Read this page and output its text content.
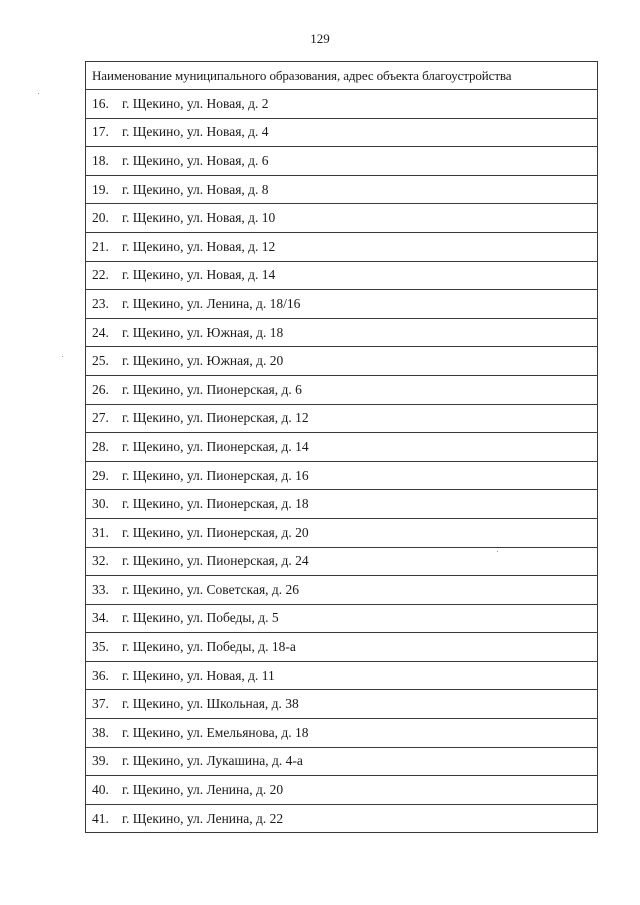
129
Наименование муниципального образования, адрес объекта благоустройства
16. г. Щекино, ул. Новая, д. 2
17. г. Щекино, ул. Новая, д. 4
18. г. Щекино, ул. Новая, д. 6
19. г. Щекино, ул. Новая, д. 8
20. г. Щекино, ул. Новая, д. 10
21. г. Щекино, ул. Новая, д. 12
22. г. Щекино, ул. Новая, д. 14
23. г. Щекино, ул. Ленина, д. 18/16
24. г. Щекино, ул. Южная, д. 18
25. г. Щекино, ул. Южная, д. 20
26. г. Щекино, ул. Пионерская, д. 6
27. г. Щекино, ул. Пионерская, д. 12
28. г. Щекино, ул. Пионерская, д. 14
29. г. Щекино, ул. Пионерская, д. 16
30. г. Щекино, ул. Пионерская, д. 18
31. г. Щекино, ул. Пионерская, д. 20
32. г. Щекино, ул. Пионерская, д. 24
33. г. Щекино, ул. Советская, д. 26
34. г. Щекино, ул. Победы, д. 5
35. г. Щекино, ул. Победы, д. 18-а
36. г. Щекино, ул. Новая, д. 11
37. г. Щекино, ул. Школьная, д. 38
38. г. Щекино, ул. Емельянова, д. 18
39. г. Щекино, ул. Лукашина, д. 4-а
40. г. Щекино, ул. Ленина, д. 20
41. г. Щекино, ул. Ленина, д. 22
